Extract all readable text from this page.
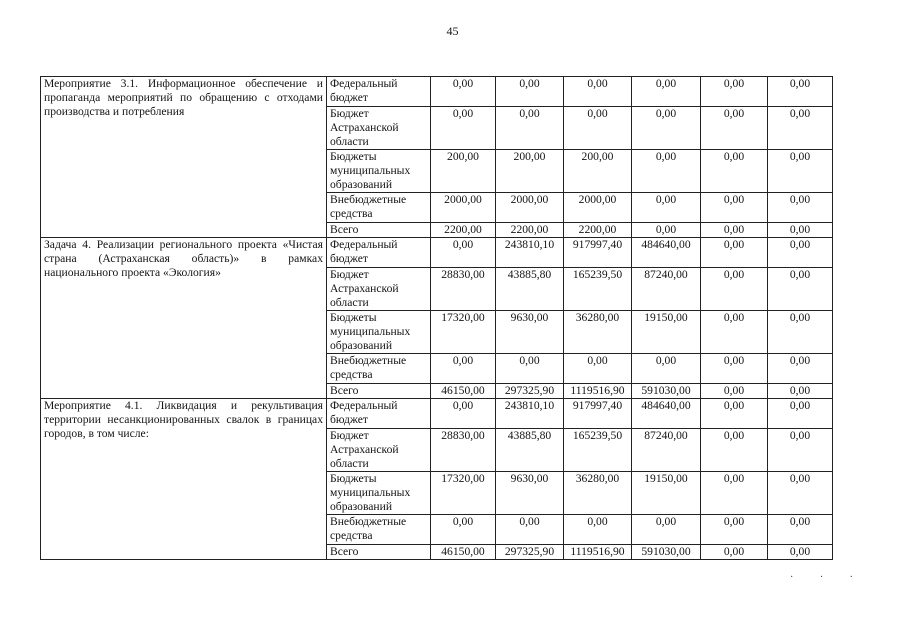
45
Мероприятие 3.1. Информационное обеспечение и пропаганда мероприятий по обращению с отходами производства и потребления	Федеральный бюджет	0,00	0,00	0,00	0,00	0,00	0,00
	Бюджет Астраханской области	0,00	0,00	0,00	0,00	0,00	0,00
	Бюджеты муниципальных образований	200,00	200,00	200,00	0,00	0,00	0,00
	Внебюджетные средства	2000,00	2000,00	2000,00	0,00	0,00	0,00
	Всего	2200,00	2200,00	2200,00	0,00	0,00	0,00
Задача 4. Реализации регионального проекта «Чистая страна (Астраханская область)» в рамках национального проекта «Экология»	Федеральный бюджет	0,00	243810,10	917997,40	484640,00	0,00	0,00
	Бюджет Астраханской области	28830,00	43885,80	165239,50	87240,00	0,00	0,00
	Бюджеты муниципальных образований	17320,00	9630,00	36280,00	19150,00	0,00	0,00
	Внебюджетные средства	0,00	0,00	0,00	0,00	0,00	0,00
	Всего	46150,00	297325,90	1119516,90	591030,00	0,00	0,00
Мероприятие 4.1. Ликвидация и рекультивация территории несанкционированных свалок в границах городов, в том числе:	Федеральный бюджет	0,00	243810,10	917997,40	484640,00	0,00	0,00
	Бюджет Астраханской области	28830,00	43885,80	165239,50	87240,00	0,00	0,00
	Бюджеты муниципальных образований	17320,00	9630,00	36280,00	19150,00	0,00	0,00
	Внебюджетные средства	0,00	0,00	0,00	0,00	0,00	0,00
	Всего	46150,00	297325,90	1119516,90	591030,00	0,00	0,00
· · ·
